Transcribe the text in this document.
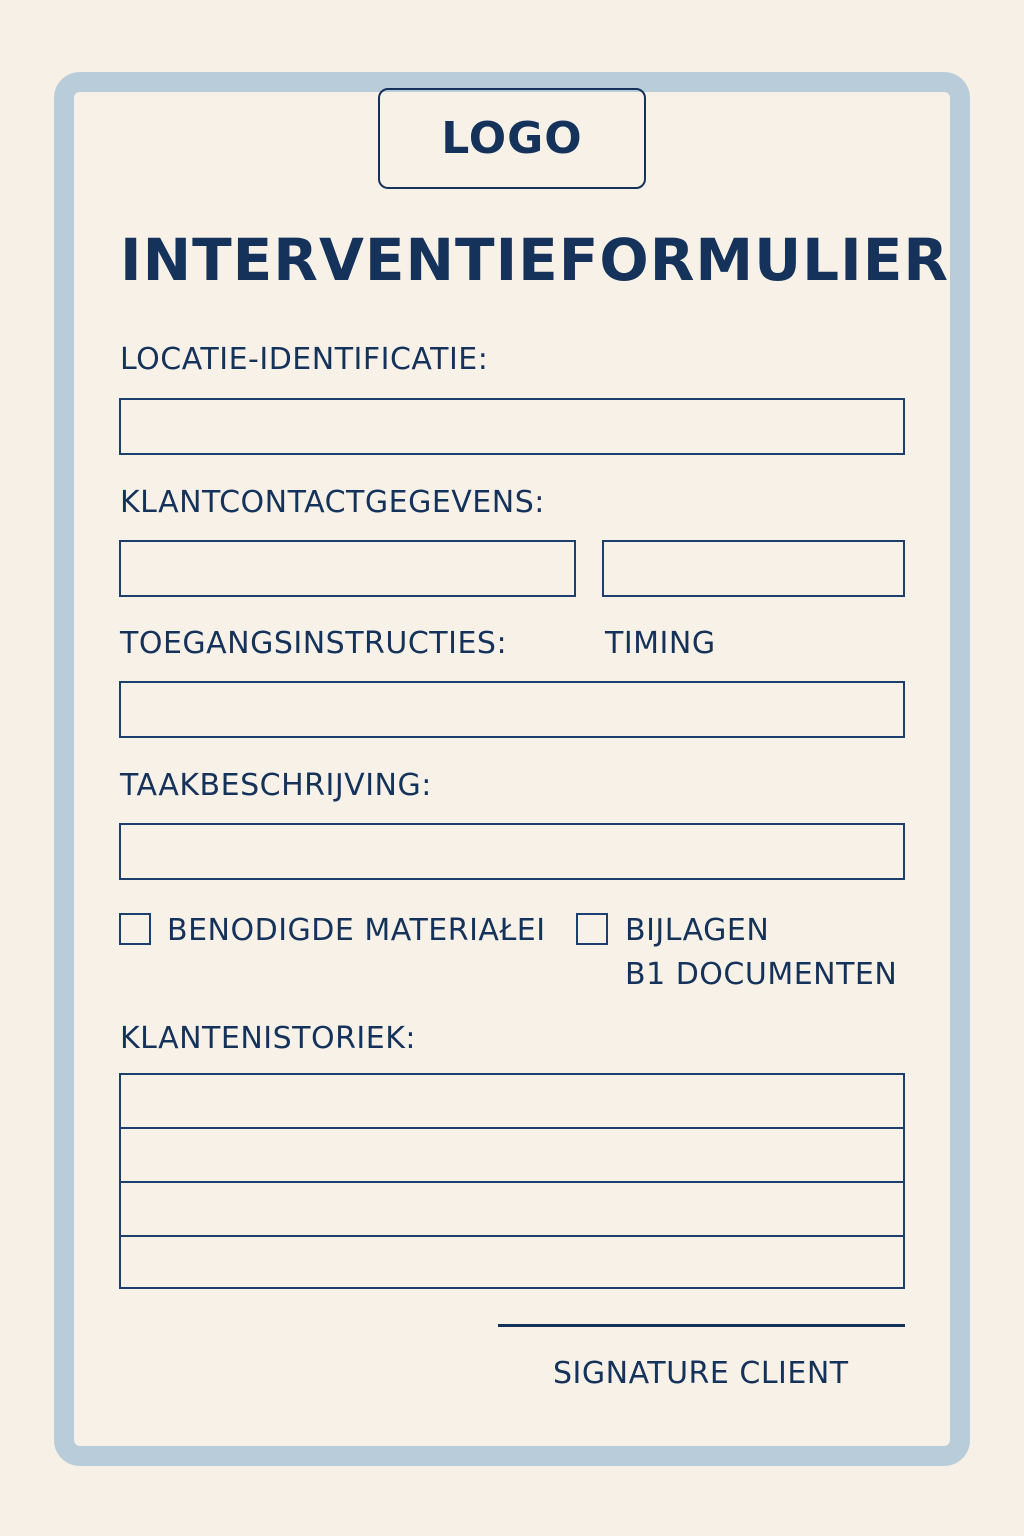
LOGO
INTERVENTIEFORMULIER
LOCATIE-IDENTIFICATIE:
KLANTCONTACTGEGEVENS:
TOEGANGSINSTRUCTIES:	TIMING
TAAKBESCHRIJVING:
BENODIGDE MATERIAŁEI	BIJLAGEN
B1 DOCUMENTEN
KLANTENISTORIEK:
SIGNATURE CLIENT
